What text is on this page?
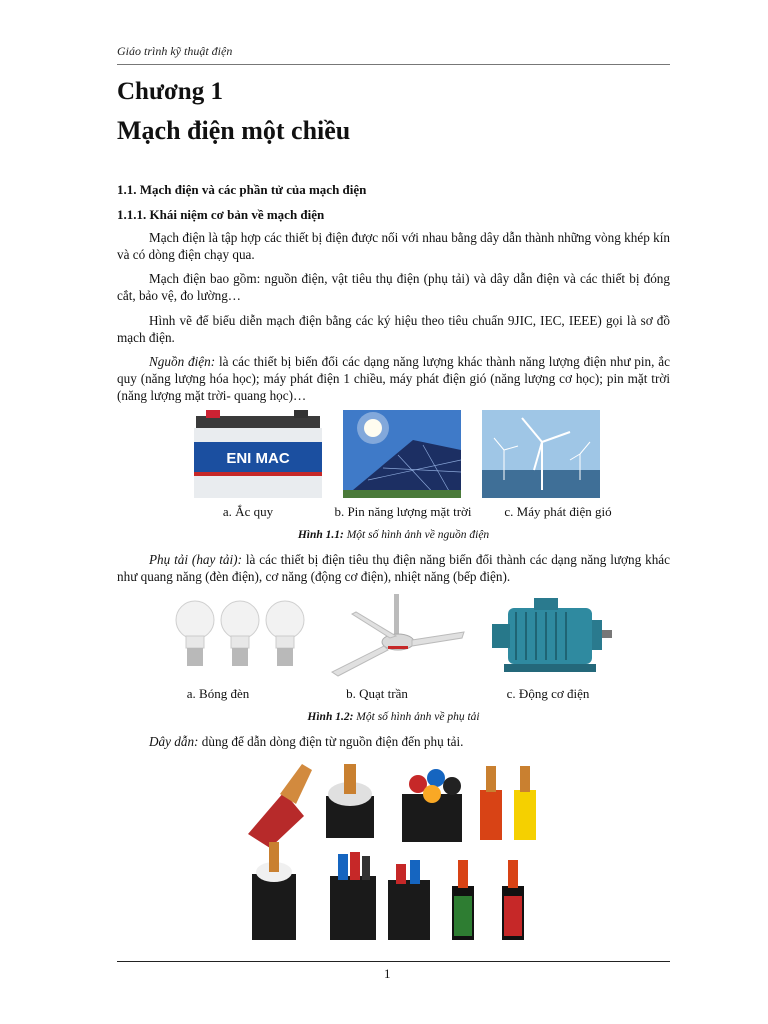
Giáo trình kỹ thuật điện
Chương 1
Mạch điện một chiều
1.1. Mạch điện và các phần tử của mạch điện
1.1.1. Khái niệm cơ bản về mạch điện
Mạch điện là tập hợp các thiết bị điện được nối với nhau bằng dây dẫn thành những vòng khép kín và có dòng điện chạy qua.
Mạch điện bao gồm: nguồn điện, vật tiêu thụ điện (phụ tải) và dây dẫn điện và các thiết bị đóng cắt, bảo vệ, đo lường…
Hình vẽ để biểu diễn mạch điện bằng các ký hiệu theo tiêu chuẩn 9JIC, IEC, IEEE) gọi là sơ đồ mạch điện.
Nguồn điện: là các thiết bị biến đổi các dạng năng lượng khác thành năng lượng điện như pin, ắc quy (năng lượng hóa học); máy phát điện 1 chiều, máy phát điện gió (năng lượng cơ học); pin mặt trời (năng lượng mặt trời- quang học)…
ENI MAC
a. Ắc quy	b. Pin năng lượng mặt trời	c. Máy phát điện gió
Hình 1.1: Một số hình ảnh về nguồn điện
Phụ tải (hay tải): là các thiết bị điện tiêu thụ điện năng biến đổi thành các dạng năng lượng khác như quang năng (đèn điện), cơ năng (động cơ điện), nhiệt năng (bếp điện).
a. Bóng đèn	b. Quạt trần	c. Động cơ điện
Hình 1.2: Một số hình ảnh về phụ tải
Dây dẫn: dùng để dẫn dòng điện từ nguồn điện đến phụ tải.
1
